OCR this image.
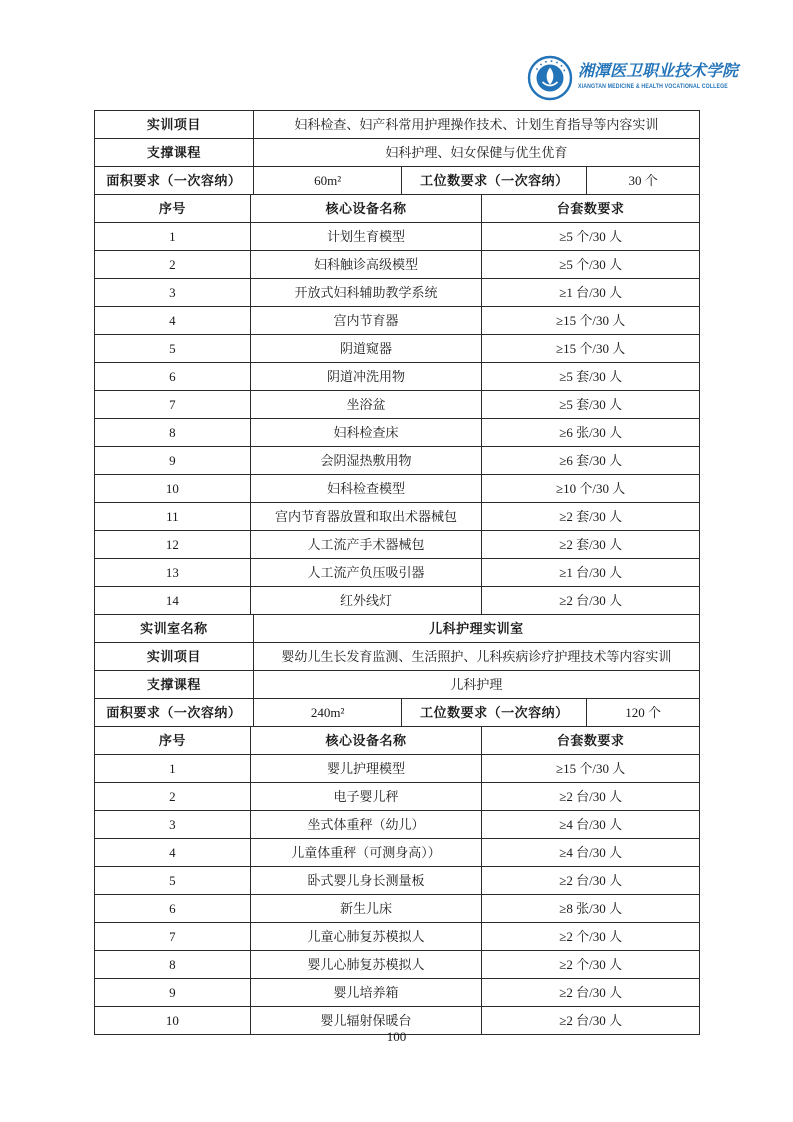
湘潭医卫职业技术学院
XIANGTAN MEDICINE & HEALTH VOCATIONAL COLLEGE
实训项目	妇科检查、妇产科常用护理操作技术、计划生育指导等内容实训
支撑课程	妇科护理、妇女保健与优生优育
面积要求（一次容纳）	60m²	工位数要求（一次容纳）	30 个
序号	核心设备名称	台套数要求
1	计划生育模型	≥5 个/30 人
2	妇科触诊高级模型	≥5 个/30 人
3	开放式妇科辅助教学系统	≥1 台/30 人
4	宫内节育器	≥15 个/30 人
5	阴道窥器	≥15 个/30 人
6	阴道冲洗用物	≥5 套/30 人
7	坐浴盆	≥5 套/30 人
8	妇科检查床	≥6 张/30 人
9	会阴湿热敷用物	≥6 套/30 人
10	妇科检查模型	≥10 个/30 人
11	宫内节育器放置和取出术器械包	≥2 套/30 人
12	人工流产手术器械包	≥2 套/30 人
13	人工流产负压吸引器	≥1 台/30 人
14	红外线灯	≥2 台/30 人
实训室名称	儿科护理实训室
实训项目	婴幼儿生长发育监测、生活照护、儿科疾病诊疗护理技术等内容实训
支撑课程	儿科护理
面积要求（一次容纳）	240m²	工位数要求（一次容纳）	120 个
序号	核心设备名称	台套数要求
1	婴儿护理模型	≥15 个/30 人
2	电子婴儿秤	≥2 台/30 人
3	坐式体重秤（幼儿）	≥4 台/30 人
4	儿童体重秤（可测身高））	≥4 台/30 人
5	卧式婴儿身长测量板	≥2 台/30 人
6	新生儿床	≥8 张/30 人
7	儿童心肺复苏模拟人	≥2 个/30 人
8	婴儿心肺复苏模拟人	≥2 个/30 人
9	婴儿培养箱	≥2 台/30 人
10	婴儿辐射保暖台	≥2 台/30 人
100
